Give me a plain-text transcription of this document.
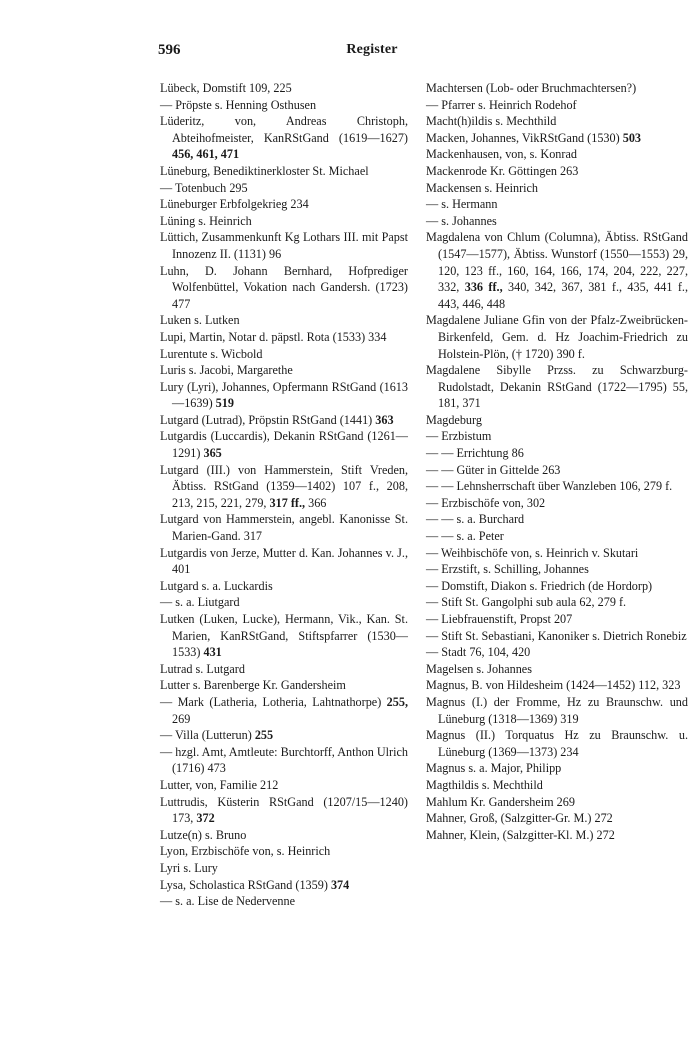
596	Register
Lübeck, Domstift 109, 225
— Pröpste s. Henning Osthusen
Lüderitz, von, Andreas Christoph, Abteihofmeister, KanRStGand (1619—1627) 456, 461, 471
Lüneburg, Benediktinerkloster St. Michael
— Totenbuch 295
Lüneburger Erbfolgekrieg 234
Lüning s. Heinrich
Lüttich, Zusammenkunft Kg Lothars III. mit Papst Innozenz II. (1131) 96
Luhn, D. Johann Bernhard, Hofprediger Wolfenbüttel, Vokation nach Gandersh. (1723) 477
Luken s. Lutken
Lupi, Martin, Notar d. päpstl. Rota (1533) 334
Lurentute s. Wicbold
Luris s. Jacobi, Margarethe
Lury (Lyri), Johannes, Opfermann RStGand (1613—1639) 519
Lutgard (Lutrad), Pröpstin RStGand (1441) 363
Lutgardis (Luccardis), Dekanin RStGand (1261—1291) 365
Lutgard (III.) von Hammerstein, Stift Vreden, Äbtiss. RStGand (1359—1402) 107 f., 208, 213, 215, 221, 279, 317 ff., 366
Lutgard von Hammerstein, angebl. Kanonisse St. Marien-Gand. 317
Lutgardis von Jerze, Mutter d. Kan. Johannes v. J., 401
Lutgard s. a. Luckardis
— s. a. Liutgard
Lutken (Luken, Lucke), Hermann, Vik., Kan. St. Marien, KanRStGand, Stiftspfarrer (1530—1533) 431
Lutrad s. Lutgard
Lutter s. Barenberge Kr. Gandersheim
— Mark (Latheria, Lotheria, Lahtnathorpe) 255, 269
— Villa (Lutterun) 255
— hzgl. Amt, Amtleute: Burchtorff, Anthon Ulrich (1716) 473
Lutter, von, Familie 212
Luttrudis, Küsterin RStGand (1207/15—1240) 173, 372
Lutze(n) s. Bruno
Lyon, Erzbischöfe von, s. Heinrich
Lyri s. Lury
Lysa, Scholastica RStGand (1359) 374
— s. a. Lise de Nedervenne
Machtersen (Lob- oder Bruchmachtersen?)
— Pfarrer s. Heinrich Rodehof
Macht(h)ildis s. Mechthild
Macken, Johannes, VikRStGand (1530) 503
Mackenhausen, von, s. Konrad
Mackenrode Kr. Göttingen 263
Mackensen s. Heinrich
— s. Hermann
— s. Johannes
Magdalena von Chlum (Columna), Äbtiss. RStGand (1547—1577), Äbtiss. Wunstorf (1550—1553) 29, 120, 123 ff., 160, 164, 166, 174, 204, 222, 227, 332, 336 ff., 340, 342, 367, 381 f., 435, 441 f., 443, 446, 448
Magdalene Juliane Gfin von der Pfalz-Zweibrücken-Birkenfeld, Gem. d. Hz Joachim-Friedrich zu Holstein-Plön, († 1720) 390 f.
Magdalene Sibylle Przss. zu Schwarzburg-Rudolstadt, Dekanin RStGand (1722—1795) 55, 181, 371
Magdeburg
— Erzbistum
— — Errichtung 86
— — Güter in Gittelde 263
— — Lehnsherrschaft über Wanzleben 106, 279 f.
— Erzbischöfe von, 302
— — s. a. Burchard
— — s. a. Peter
— Weihbischöfe von, s. Heinrich v. Skutari
— Erzstift, s. Schilling, Johannes
— Domstift, Diakon s. Friedrich (de Hordorp)
— Stift St. Gangolphi sub aula 62, 279 f.
— Liebfrauenstift, Propst 207
— Stift St. Sebastiani, Kanoniker s. Dietrich Ronebiz
— Stadt 76, 104, 420
Magelsen s. Johannes
Magnus, B. von Hildesheim (1424—1452) 112, 323
Magnus (I.) der Fromme, Hz zu Braunschw. und Lüneburg (1318—1369) 319
Magnus (II.) Torquatus Hz zu Braunschw. u. Lüneburg (1369—1373) 234
Magnus s. a. Major, Philipp
Magthildis s. Mechthild
Mahlum Kr. Gandersheim 269
Mahner, Groß, (Salzgitter-Gr. M.) 272
Mahner, Klein, (Salzgitter-Kl. M.) 272
